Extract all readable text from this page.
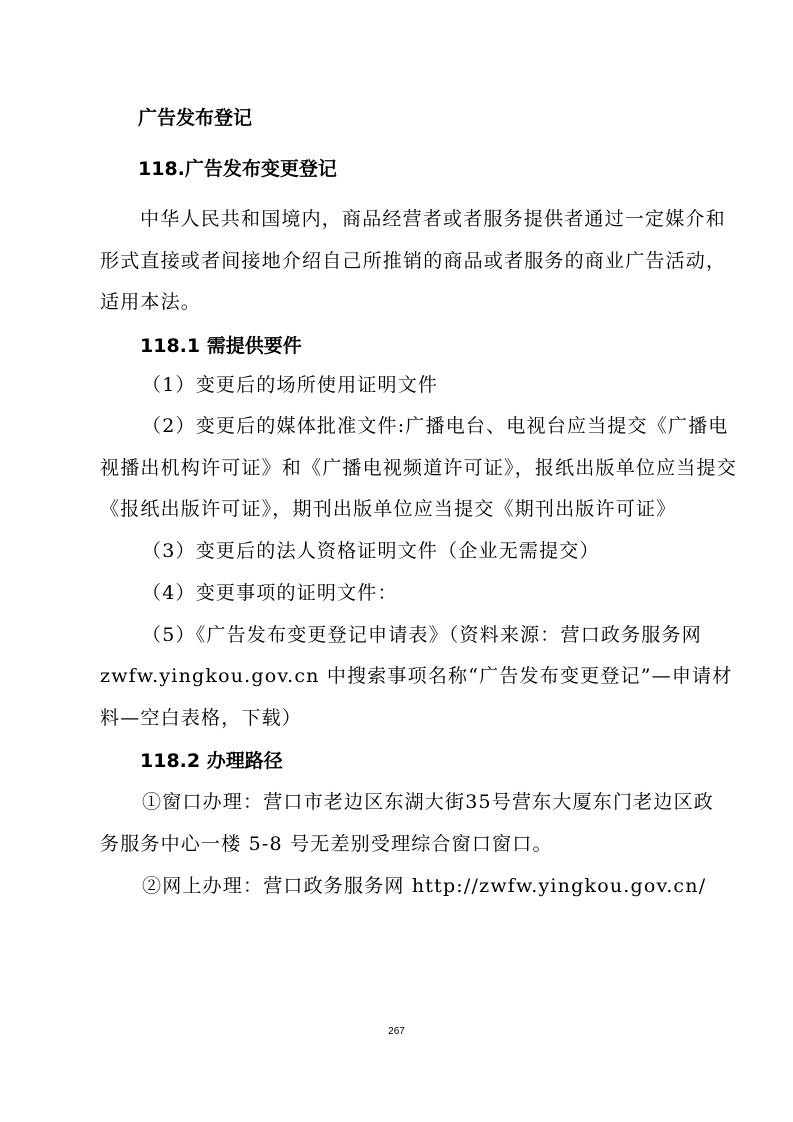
广告发布登记
118.广告发布变更登记

中华人民共和国境内，商品经营者或者服务提供者通过一定媒介和

形式直接或者间接地介绍自己所推销的商品或者服务的商业广告活动，

适用本法。

118.1 需提供要件

（1）变更后的场所使用证明文件

（2）变更后的媒体批准文件:广播电台、电视台应当提交《广播电

视播出机构许可证》和《广播电视频道许可证》，报纸出版单位应当提交

《报纸出版许可证》，期刊出版单位应当提交《期刊出版许可证》

（3）变更后的法人资格证明文件（企业无需提交）

（4）变更事项的证明文件：

（5）《广告发布变更登记申请表》（资料来源：营口政务服务网

zwfw.yingkou.gov.cn 中搜索事项名称“广告发布变更登记”—申请材

料—空白表格，下载）

118.2 办理路径

①窗口办理：营口市老边区东湖大街35号营东大厦东门老边区政

务服务中心一楼 5-8 号无差别受理综合窗口窗口。

②网上办理：营口政务服务网 http://zwfw.yingkou.gov.cn/

267
